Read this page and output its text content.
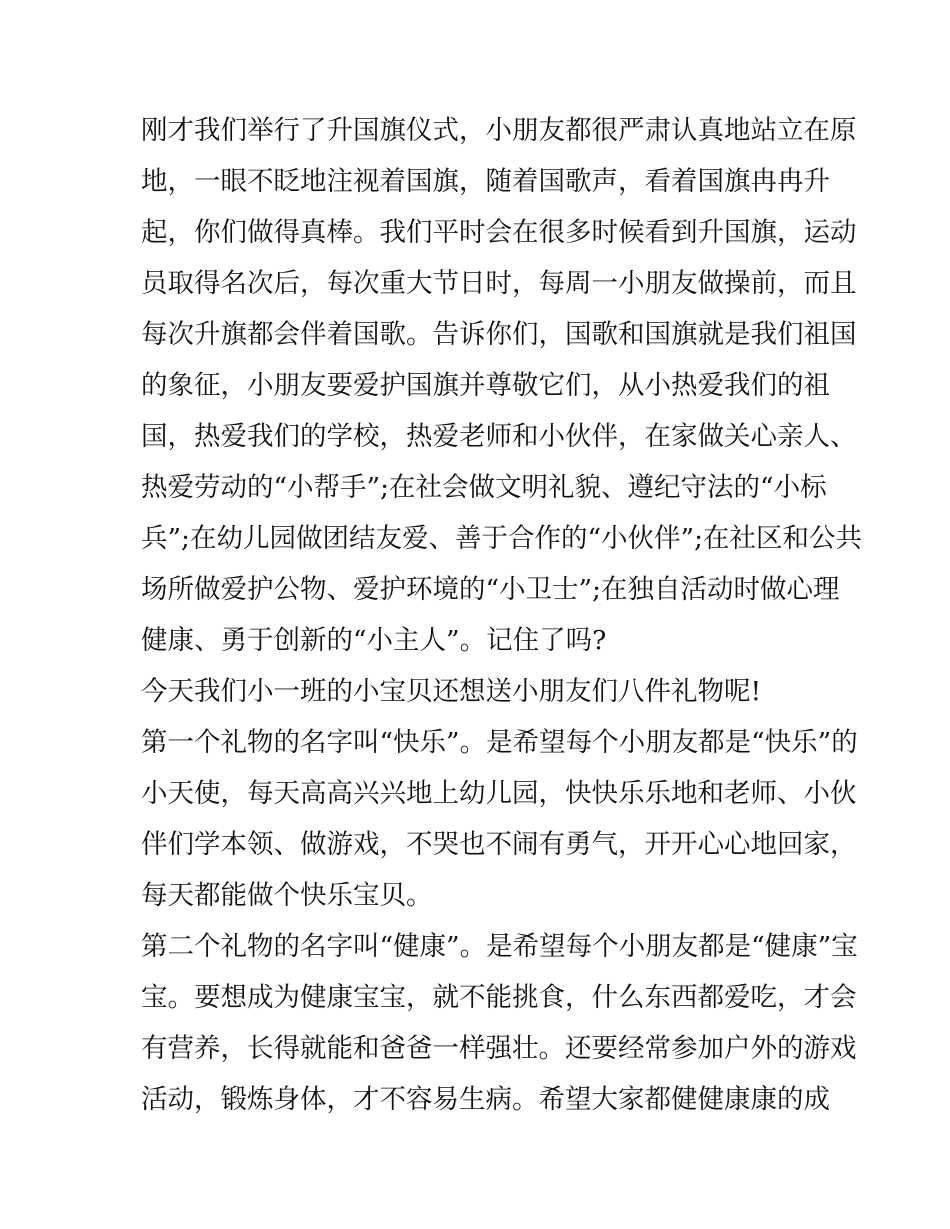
刚才我们举行了升国旗仪式，小朋友都很严肃认真地站立在原
地，一眼不眨地注视着国旗，随着国歌声，看着国旗冉冉升
起，你们做得真棒。我们平时会在很多时候看到升国旗，运动
员取得名次后，每次重大节日时，每周一小朋友做操前，而且
每次升旗都会伴着国歌。告诉你们，国歌和国旗就是我们祖国
的象征，小朋友要爱护国旗并尊敬它们，从小热爱我们的祖
国，热爱我们的学校，热爱老师和小伙伴，在家做关心亲人、
热爱劳动的“小帮手”;在社会做文明礼貌、遵纪守法的“小标
兵”;在幼儿园做团结友爱、善于合作的“小伙伴”;在社区和公共
场所做爱护公物、爱护环境的“小卫士”;在独自活动时做心理
健康、勇于创新的“小主人”。记住了吗?
今天我们小一班的小宝贝还想送小朋友们八件礼物呢!
第一个礼物的名字叫“快乐”。是希望每个小朋友都是“快乐”的
小天使，每天高高兴兴地上幼儿园，快快乐乐地和老师、小伙
伴们学本领、做游戏，不哭也不闹有勇气，开开心心地回家，
每天都能做个快乐宝贝。
第二个礼物的名字叫“健康”。是希望每个小朋友都是“健康”宝
宝。要想成为健康宝宝，就不能挑食，什么东西都爱吃，才会
有营养，长得就能和爸爸一样强壮。还要经常参加户外的游戏
活动，锻炼身体，才不容易生病。希望大家都健健康康的成
